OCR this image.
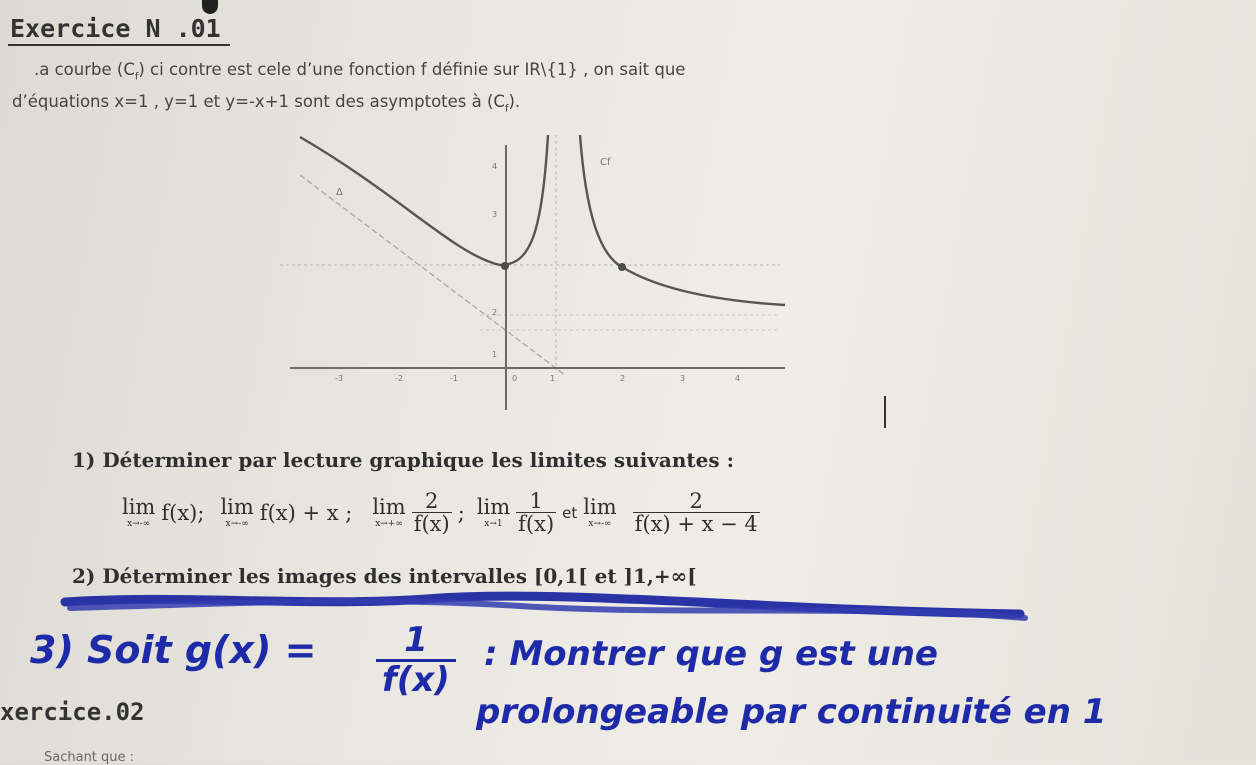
Exercice N .01
.a courbe $(C_f)$ ci contre est cele d’une fonction f définie sur IR\{1} , on sait que
d’équations x=1 , y=1 et y=-x+1 sont des asymptotes à $(C_f)$.
Cf
Δ
-3	-2	-1	0	1	2	3	4
4
3
2
1
1) Déterminer par lecture graphique les limites suivantes :
lim
x→-∞ f(x); lim
x→-∞ f(x) + x ; lim
$x\to+\infty \frac{2}{f(x)}$ ; lim
$x\to 1 \frac{1}{f(x)}$ et lim
$x\to-\infty \frac{2}{f(x) + x - 4}$
2) Déterminer les images des intervalles [0,1[ et ]1,+∞[
3) Soit g(x) =	1
f(x)
: Montrer que g est une
prolongeable par continuité en 1
xercice.02
Sachant que :
